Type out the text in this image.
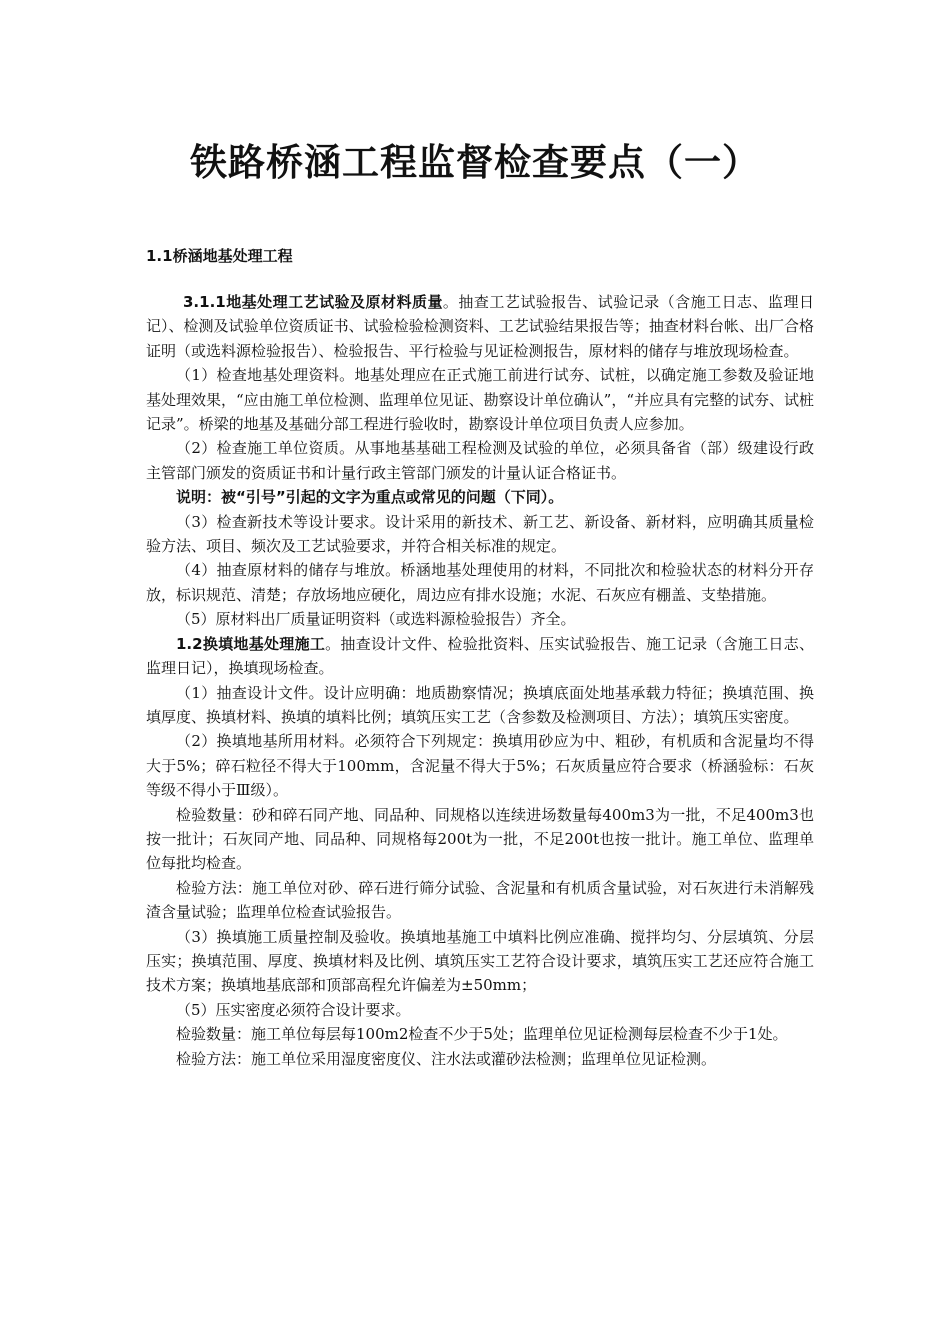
铁路桥涵工程监督检查要点（一）
1.1桥涵地基处理工程

3.1.1地基处理工艺试验及原材料质量。抽查工艺试验报告、试验记录（含施工日志、监理日记）、检测及试验单位资质证书、试验检验检测资料、工艺试验结果报告等；抽查材料台帐、出厂合格证明（或选料源检验报告）、检验报告、平行检验与见证检测报告，原材料的储存与堆放现场检查。

（1）检查地基处理资料。地基处理应在正式施工前进行试夯、试桩，以确定施工参数及验证地基处理效果，“应由施工单位检测、监理单位见证、勘察设计单位确认”，“并应具有完整的试夯、试桩记录”。桥梁的地基及基础分部工程进行验收时，勘察设计单位项目负责人应参加。

（2）检查施工单位资质。从事地基基础工程检测及试验的单位，必须具备省（部）级建设行政主管部门颁发的资质证书和计量行政主管部门颁发的计量认证合格证书。

说明：被“引号”引起的文字为重点或常见的问题（下同）。

（3）检查新技术等设计要求。设计采用的新技术、新工艺、新设备、新材料，应明确其质量检验方法、项目、频次及工艺试验要求，并符合相关标准的规定。

（4）抽查原材料的储存与堆放。桥涵地基处理使用的材料，不同批次和检验状态的材料分开存放，标识规范、清楚；存放场地应硬化，周边应有排水设施；水泥、石灰应有棚盖、支垫措施。

（5）原材料出厂质量证明资料（或选料源检验报告）齐全。

1.2换填地基处理施工。抽查设计文件、检验批资料、压实试验报告、施工记录（含施工日志、监理日记），换填现场检查。

（1）抽查设计文件。设计应明确：地质勘察情况；换填底面处地基承载力特征；换填范围、换填厚度、换填材料、换填的填料比例；填筑压实工艺（含参数及检测项目、方法）；填筑压实密度。

（2）换填地基所用材料。必须符合下列规定：换填用砂应为中、粗砂，有机质和含泥量均不得大于5%；碎石粒径不得大于100mm，含泥量不得大于5%；石灰质量应符合要求（桥涵验标：石灰等级不得小于Ⅲ级）。

检验数量：砂和碎石同产地、同品种、同规格以连续进场数量每400m3为一批，不足400m3也按一批计；石灰同产地、同品种、同规格每200t为一批，不足200t也按一批计。施工单位、监理单位每批均检查。

检验方法：施工单位对砂、碎石进行筛分试验、含泥量和有机质含量试验，对石灰进行未消解残渣含量试验；监理单位检查试验报告。

（3）换填施工质量控制及验收。换填地基施工中填料比例应准确、搅拌均匀、分层填筑、分层压实；换填范围、厚度、换填材料及比例、填筑压实工艺符合设计要求，填筑压实工艺还应符合施工技术方案；换填地基底部和顶部高程允许偏差为±50mm；

（5）压实密度必须符合设计要求。

检验数量：施工单位每层每100m2检查不少于5处；监理单位见证检测每层检查不少于1处。

检验方法：施工单位采用湿度密度仪、注水法或灌砂法检测；监理单位见证检测。
